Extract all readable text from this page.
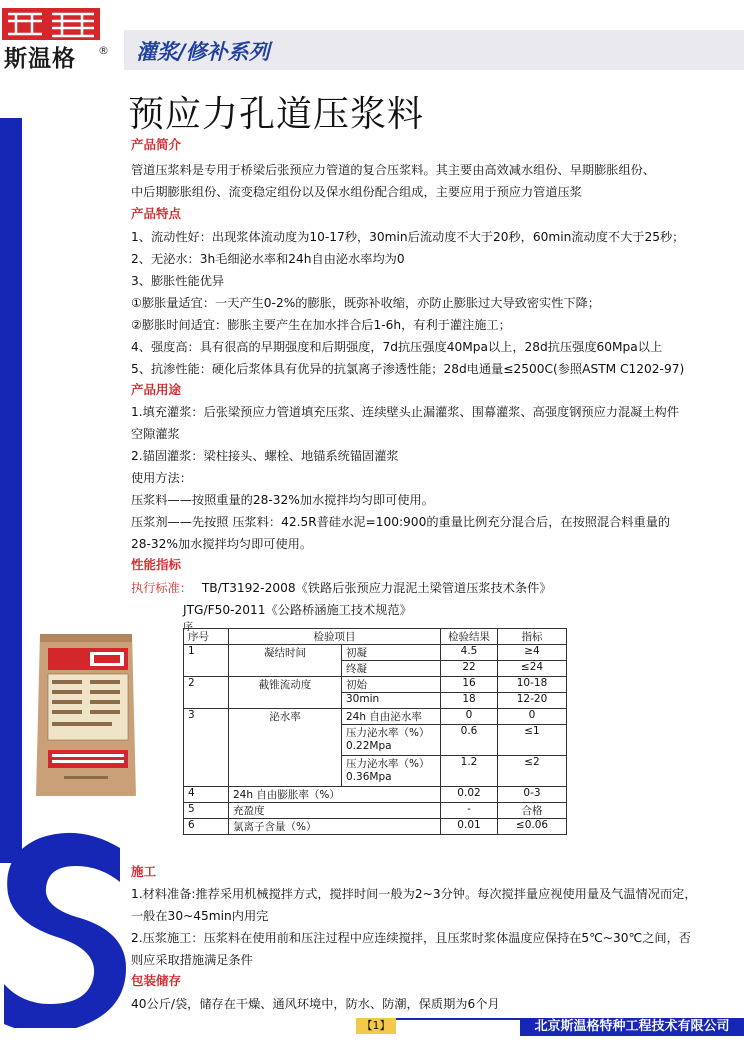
斯温格 ® 灌浆/修补系列
预应力孔道压浆料
产品简介
管道压浆料是专用于桥梁后张预应力管道的复合压浆料。其主要由高效减水组份、早期膨胀组份、
中后期膨胀组份、流变稳定组份以及保水组份配合组成，主要应用于预应力管道压浆
产品特点
1、流动性好：出现浆体流动度为10-17秒，30min后流动度不大于20秒，60min流动度不大于25秒；
2、无泌水：3h毛细泌水率和24h自由泌水率均为0
3、膨胀性能优异
①膨胀量适宜：一天产生0-2%的膨胀，既弥补收缩，亦防止膨胀过大导致密实性下降；
②膨胀时间适宜：膨胀主要产生在加水拌合后1-6h，有利于灌注施工；
4、强度高：具有很高的早期强度和后期强度，7d抗压强度40Mpa以上，28d抗压强度60Mpa以上
5、抗渗性能：硬化后浆体具有优异的抗氯离子渗透性能；28d电通量≤2500C(参照ASTM C1202-97)
产品用途
1.填充灌浆：后张梁预应力管道填充压浆、连续壁头止漏灌浆、围幕灌浆、高强度钢预应力混凝土构件
空隙灌浆
2.锚固灌浆：梁柱接头、螺栓、地锚系统锚固灌浆
使用方法：
压浆料——按照重量的28-32%加水搅拌均匀即可使用。
压浆剂——先按照 压浆料：42.5R普硅水泥=100:900的重量比例充分混合后，在按照混合料重量的
28-32%加水搅拌均匀即可使用。
性能指标
执行标准： TB/T3192-2008《铁路后张预应力混泥土梁管道压浆技术条件》
JTG/F50-2011《公路桥涵施工技术规范》
序
序号	检验项目		检验结果	指标
1	凝结时间	初凝	4.5	≥4
		终凝	22	≤24
2	截锥流动度	初始	16	10-18
		30min	18	12-20
3	泌水率	24h 自由泌水率	0	0
		压力泌水率（%）	0.6	≤1
		0.22Mpa		
		压力泌水率（%）	1.2	≤2
		0.36Mpa		
4	24h 自由膨胀率（%）		0.02	0-3
5	充盈度		-	合格
6	氯离子含量（%）		0.01	≤0.06
施工
1.材料准备:推荐采用机械搅拌方式，搅拌时间一般为2~3分钟。每次搅拌量应视使用量及气温情况而定，
一般在30~45min内用完
2.压浆施工：压浆料在使用前和压注过程中应连续搅拌，且压浆时浆体温度应保持在5℃~30℃之间，否
则应采取措施满足条件
包装储存
40公斤/袋，储存在干燥、通风环境中，防水、防潮，保质期为6个月
【1】	北京斯温格特种工程技术有限公司
